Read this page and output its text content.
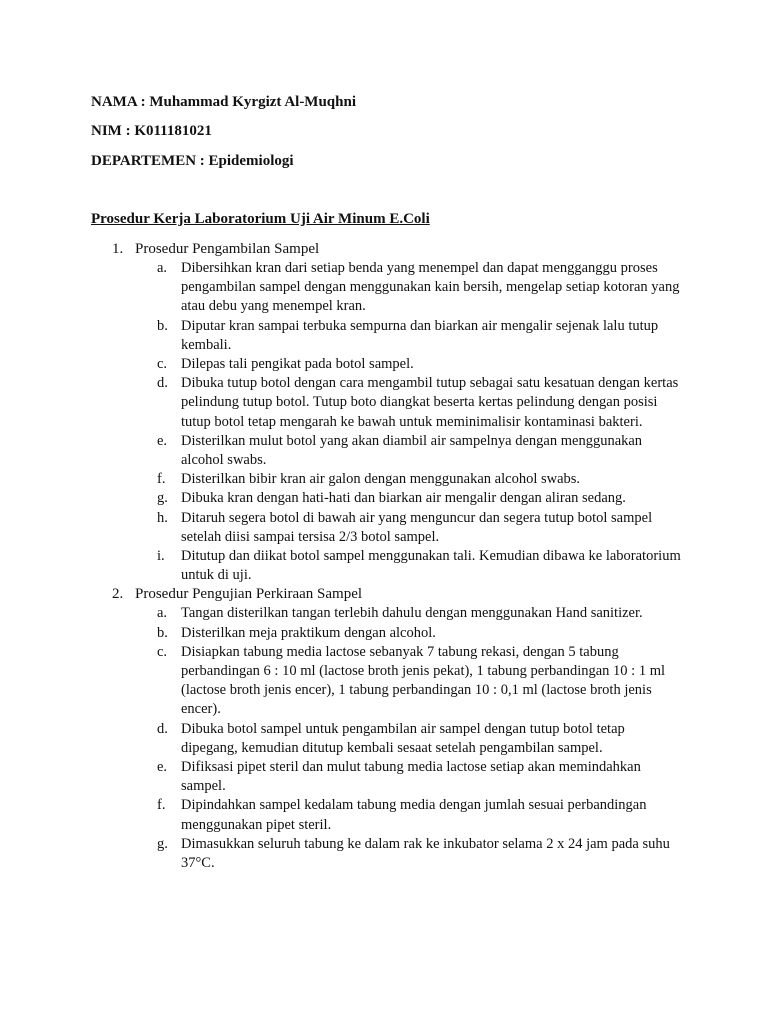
NAMA : Muhammad Kyrgizt Al-Muqhni
NIM : K011181021
DEPARTEMEN : Epidemiologi
Prosedur Kerja Laboratorium Uji Air Minum E.Coli
1. Prosedur Pengambilan Sampel
a. Dibersihkan kran dari setiap benda yang menempel dan dapat mengganggu proses pengambilan sampel dengan menggunakan kain bersih, mengelap setiap kotoran yang atau debu yang menempel kran.
b. Diputar kran sampai terbuka sempurna dan biarkan air mengalir sejenak lalu tutup kembali.
c. Dilepas tali pengikat pada botol sampel.
d. Dibuka tutup botol dengan cara mengambil tutup sebagai satu kesatuan dengan kertas pelindung tutup botol. Tutup boto diangkat beserta kertas pelindung dengan posisi tutup botol tetap mengarah ke bawah untuk meminimalisir kontaminasi bakteri.
e. Disterilkan mulut botol yang akan diambil air sampelnya dengan menggunakan alcohol swabs.
f. Disterilkan bibir kran air galon dengan menggunakan alcohol swabs.
g. Dibuka kran dengan hati-hati dan biarkan air mengalir dengan aliran sedang.
h. Ditaruh segera botol di bawah air yang menguncur dan segera tutup botol sampel setelah diisi sampai tersisa 2/3 botol sampel.
i. Ditutup dan diikat botol sampel menggunakan tali. Kemudian dibawa ke laboratorium untuk di uji.
2. Prosedur Pengujian Perkiraan Sampel
a. Tangan disterilkan tangan terlebih dahulu dengan menggunakan Hand sanitizer.
b. Disterilkan meja praktikum dengan alcohol.
c. Disiapkan tabung media lactose sebanyak 7 tabung rekasi, dengan 5 tabung perbandingan 6 : 10 ml (lactose broth jenis pekat), 1 tabung perbandingan 10 : 1 ml (lactose broth jenis encer), 1 tabung perbandingan 10 : 0,1 ml (lactose broth jenis encer).
d. Dibuka botol sampel untuk pengambilan air sampel dengan tutup botol tetap dipegang, kemudian ditutup kembali sesaat setelah pengambilan sampel.
e. Difiksasi pipet steril dan mulut tabung media lactose setiap akan memindahkan sampel.
f. Dipindahkan sampel kedalam tabung media dengan jumlah sesuai perbandingan menggunakan pipet steril.
g. Dimasukkan seluruh tabung ke dalam rak ke inkubator selama 2 x 24 jam pada suhu 37°C.
